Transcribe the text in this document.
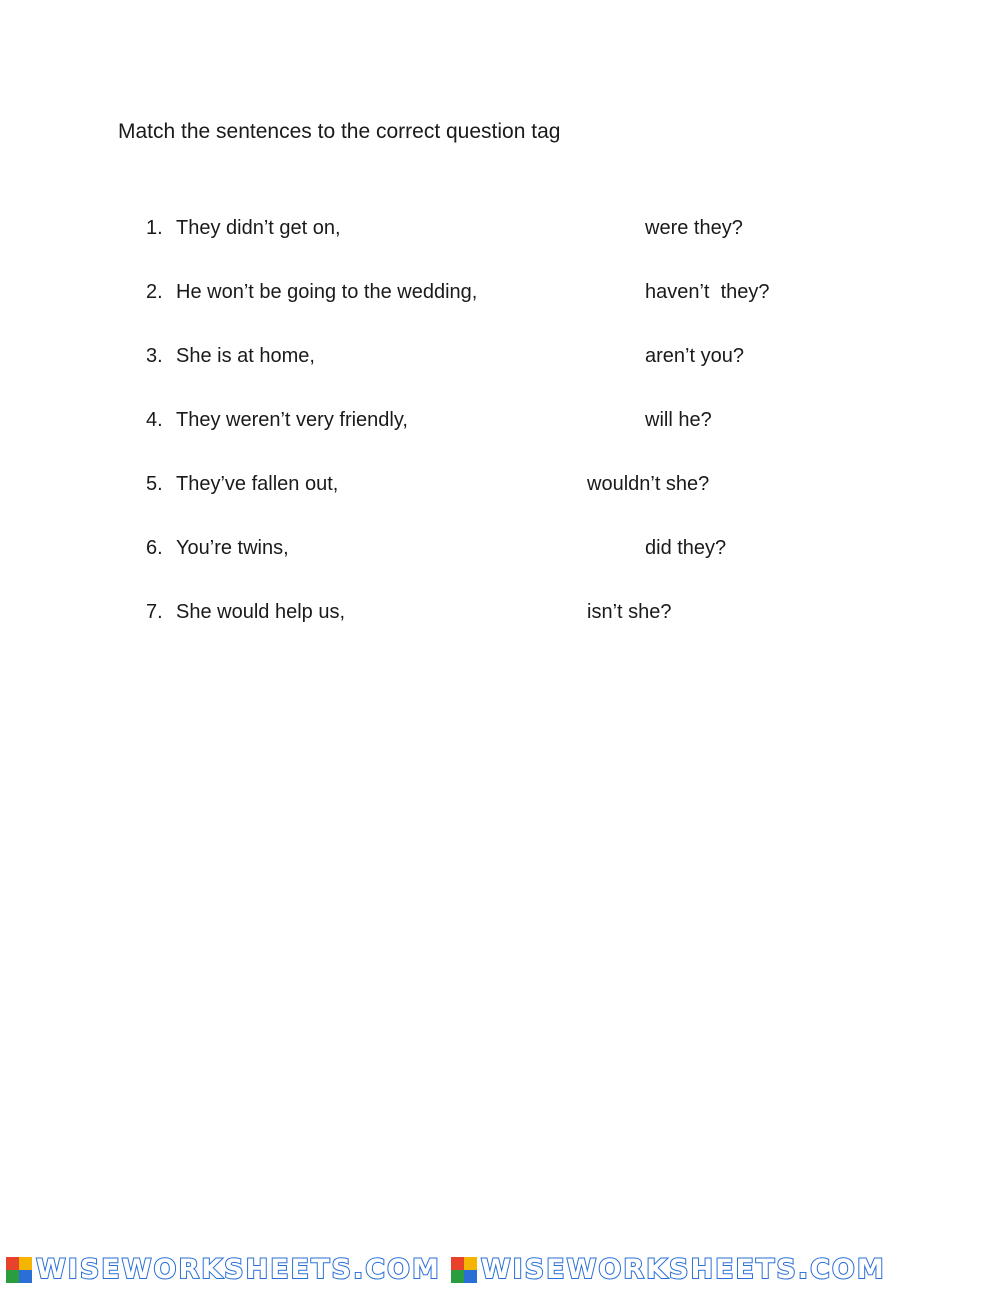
Match the sentences to the correct question tag
1. They didn’t get on,	were they?
2. He won’t be going to the wedding,	haven’t  they?
3. She is at home,	aren’t you?
4. They weren’t very friendly,	will he?
5. They’ve fallen out,	wouldn’t she?
6. You’re twins,	did they?
7. She would help us,	isn’t she?
WISEWORKSHEETS.COM WISEWORKSHEETS.COM
